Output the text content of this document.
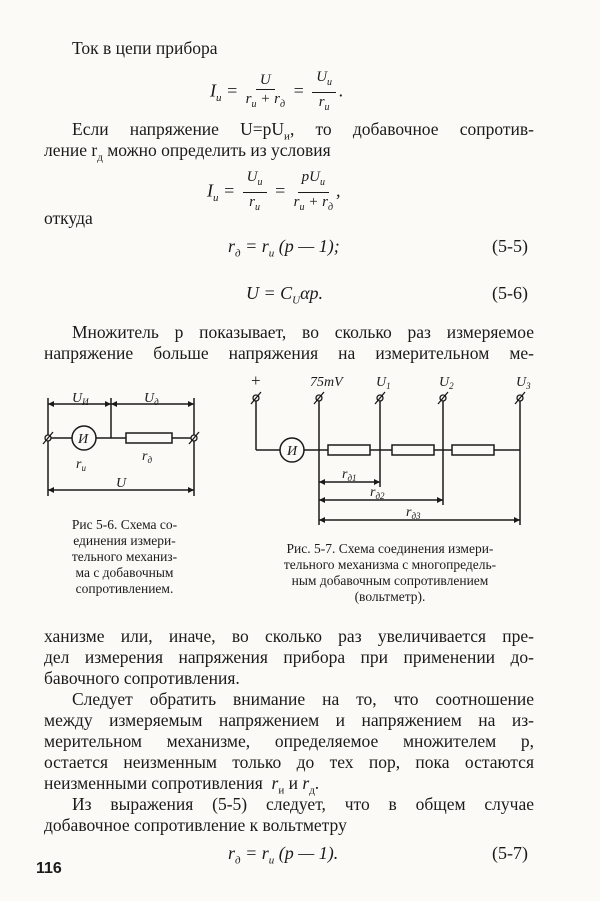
Ток в цепи прибора
$I_и = \frac{U}{r_и + r_д} = \frac{U_и}{r_и}$ .
Если напряжение $U=pU_и$, то добавочное сопротив-
ление $r_д$ можно определить из условия
$I_и = \frac{U_и}{r_и} = \frac{pU_и}{r_и + r_д}$ ,
откуда
$r_д = r_и$ (p — 1);	(5-5)
$U = C_U\alpha p$.	(5-6)
Множитель p показывает, во сколько раз измеряемое
напряжение больше напряжения на измерительном ме-
$U_И$	$U_д$
И
$r_и$
$r_д$
U
Рис 5-6. Схема со-
единения измери-
тельного механиз-
ма с добавочным
сопротивлением.
+	75mV $U_1$	$U_2$	$U_3$
И
$r_{д1}$
$r_{д2}$
$r_{д3}$
Рис. 5-7. Схема соединения измери-
тельного механизма с многопредель-
ным добавочным сопротивлением
(вольтметр).
ханизме или, иначе, во сколько раз увеличивается пре-
дел измерения напряжения прибора при применении до-
бавочного сопротивления.
Следует обратить внимание на то, что соотношение
между измеряемым напряжением и напряжением на из-
мерительном механизме, определяемое множителем p,
остается неизменным только до тех пор, пока остаются
неизменными сопротивления $r_и$ и $r_д$.
Из выражения (5-5) следует, что в общем случае
добавочное сопротивление к вольтметру
$r_д = r_и$ (p — 1).	(5-7)
116
